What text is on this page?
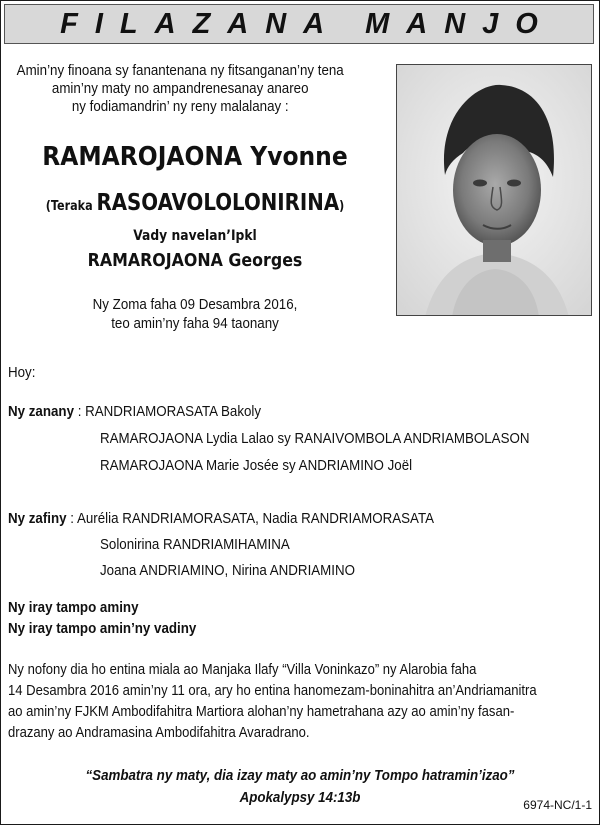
FILAZANA MANJO
Amin’ny finoana sy fanantenana ny fitsanganan’ny tena
amin’ny maty no ampandrenesanay anareo
ny fodiamandrin’ ny reny malalanay :
RAMAROJAONA Yvonne
(Teraka RASOAVOLOLONIRINA)
Vady navelan’Ipkl
RAMAROJAONA Georges
Ny Zoma faha 09 Desambra 2016,
teo amin’ny faha 94 taonany
Hoy:
Ny zanany : RANDRIAMORASATA Bakoly
RAMAROJAONA Lydia Lalao sy RANAIVOMBOLA ANDRIAMBOLASON
RAMAROJAONA Marie Josée sy ANDRIAMINO Joël
Ny zafiny : Aurélia RANDRIAMORASATA, Nadia RANDRIAMORASATA
Solonirina RANDRIAMIHAMINA
Joana ANDRIAMINO, Nirina ANDRIAMINO
Ny iray tampo aminy
Ny iray tampo amin’ny vadiny
Ny nofony dia ho entina miala ao Manjaka Ilafy “Villa Voninkazo” ny Alarobia faha
14 Desambra 2016 amin’ny 11 ora, ary ho entina hanomezam-boninahitra an’Andriamanitra
ao amin’ny FJKM Ambodifahitra Martiora alohan’ny hametrahana azy ao amin’ny fasan-
drazany ao Andramasina Ambodifahitra Avaradrano.
“Sambatra ny maty, dia izay maty ao amin’ny Tompo hatramin’izao”
Apokalypsy 14:13b	6974-NC/1-1
